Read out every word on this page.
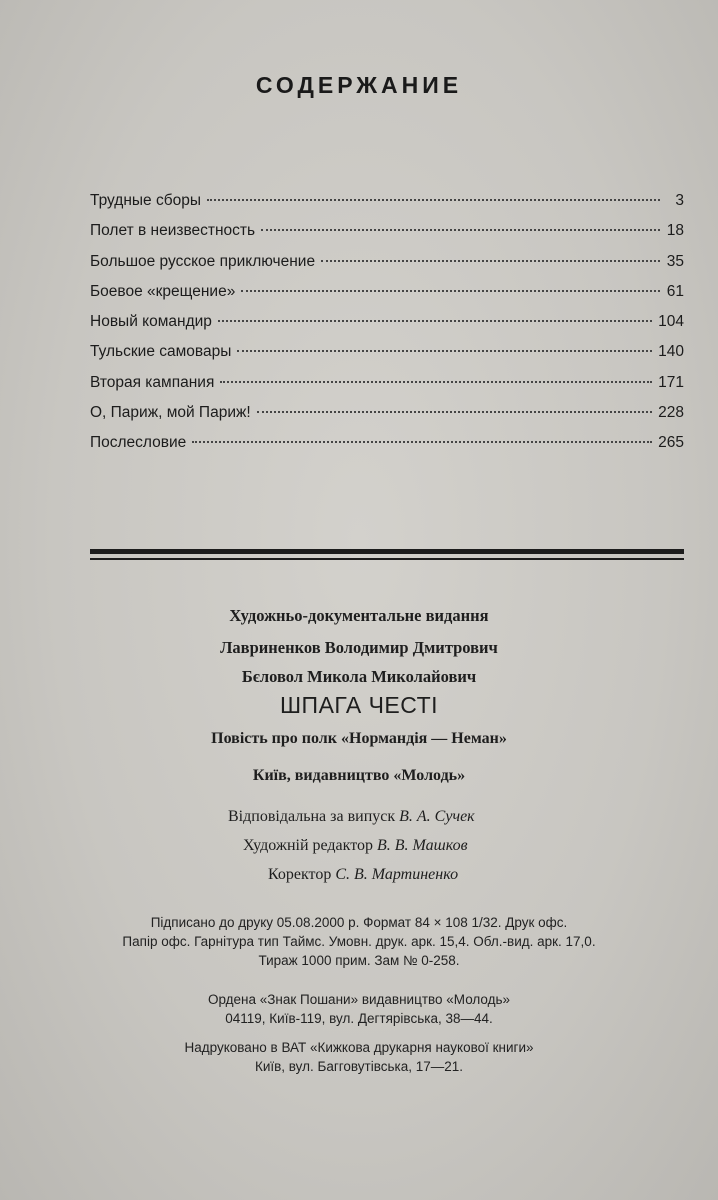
СОДЕРЖАНИЕ
Трудные сборы	3
Полет в неизвестность	18
Большое русское приключение	35
Боевое «крещение»	61
Новый командир	104
Тульские самовары	140
Вторая кампания	171
О, Париж, мой Париж!	228
Послесловие	265
Художньо-документальне видання
Лавриненков Володимир Дмитрович
Бєловол Микола Миколайович
ШПАГА ЧЕСТІ
Повість про полк «Нормандія — Неман»
Київ, видавництво «Молодь»
Відповідальна за випуск В. А. Сучек
Художній редактор В. В. Машков
Коректор С. В. Мартиненко
Підписано до друку 05.08.2000 р. Формат 84 × 108 1/32. Друк офс.
Папір офс. Гарнітура тип Таймс. Умовн. друк. арк. 15,4. Обл.-вид. арк. 17,0.
Тираж 1000 прим. Зам № 0-258.
Ордена «Знак Пошани» видавництво «Молодь»
04119, Київ-119, вул. Дегтярівська, 38—44.
Надруковано в ВАТ «Кижкова друкарня наукової книги»
Київ, вул. Багговутівська, 17—21.
